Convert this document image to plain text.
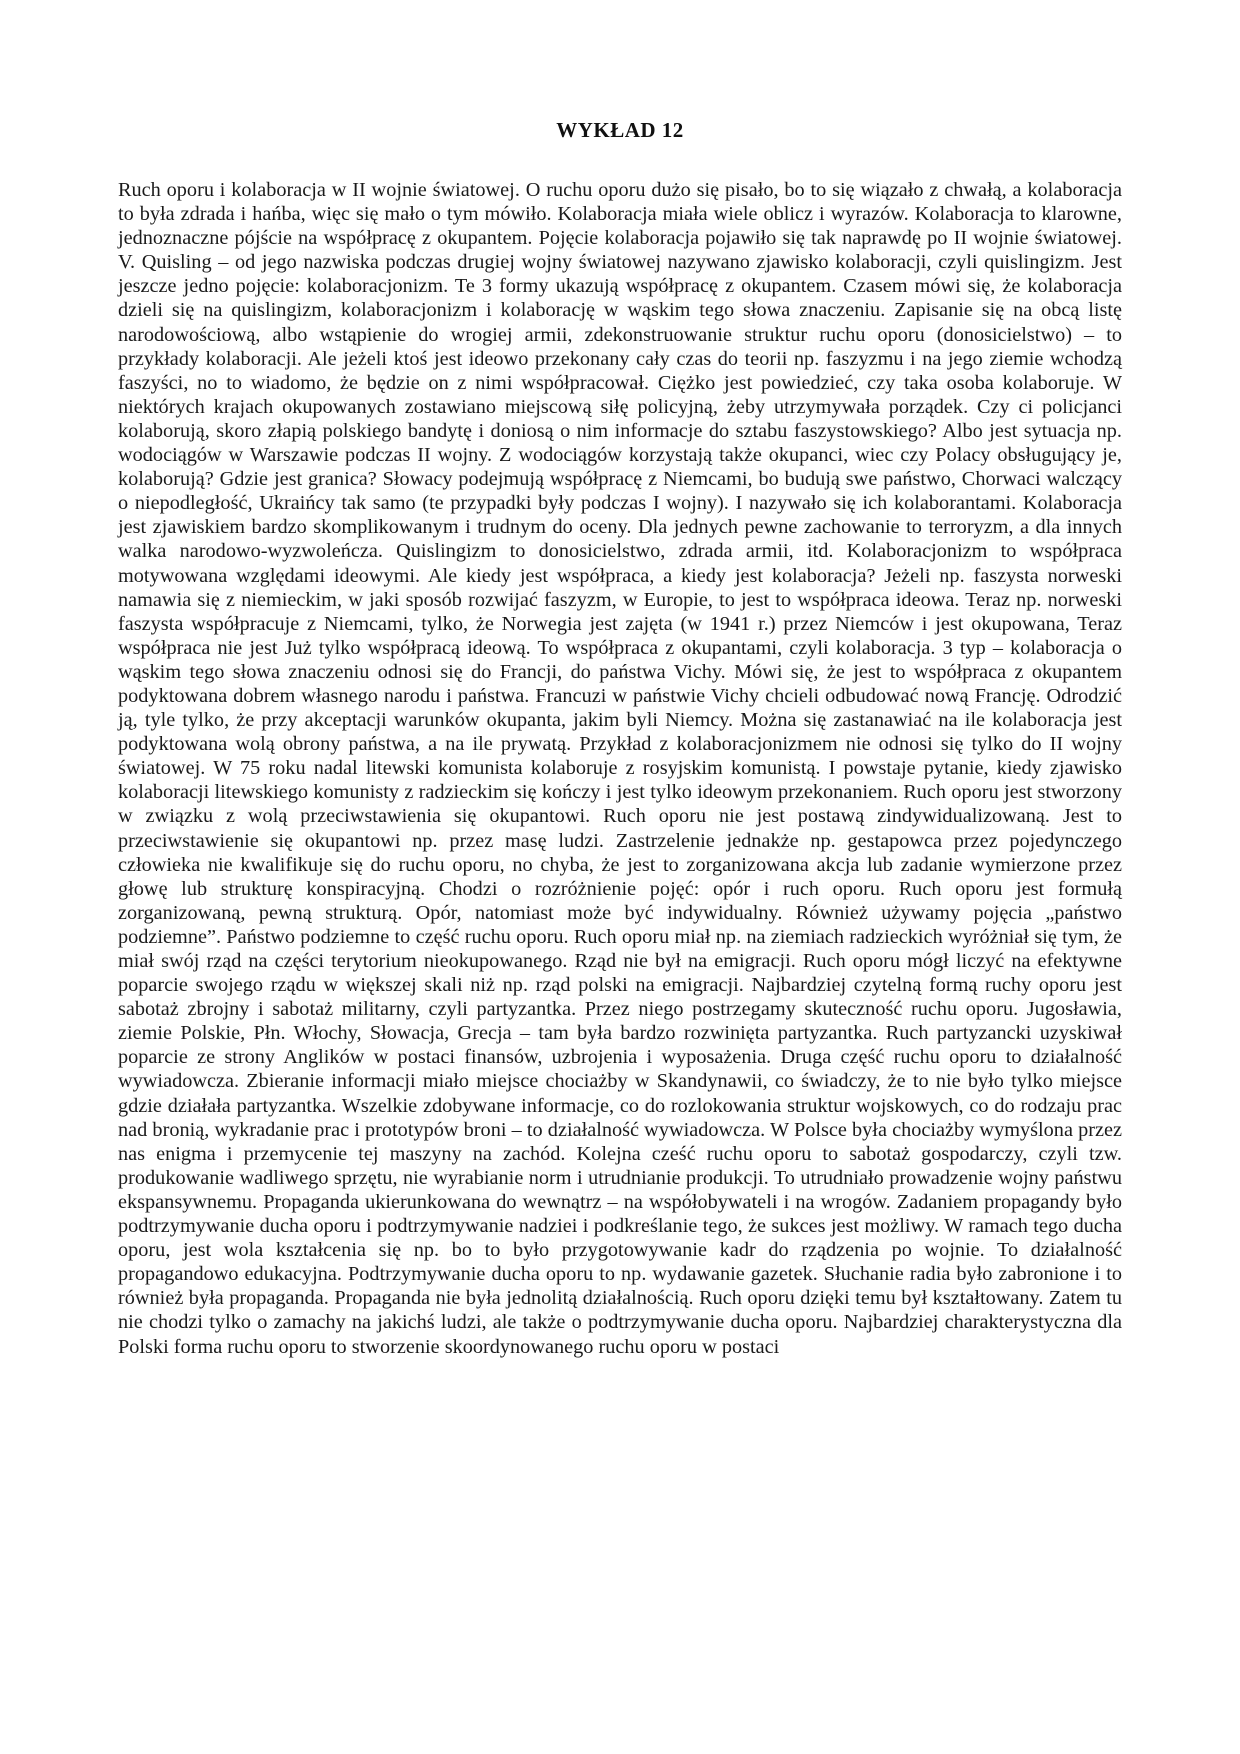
WYKŁAD 12

Ruch oporu i kolaboracja w II wojnie światowej. O ruchu oporu dużo się pisało, bo to się wiązało z chwałą, a kolaboracja to była zdrada i hańba, więc się mało o tym mówiło. Kolaboracja miała wiele oblicz i wyrazów. Kolaboracja to klarowne, jednoznaczne pójście na współpracę z okupantem. Pojęcie kolaboracja pojawiło się tak naprawdę po II wojnie światowej. V. Quisling – od jego nazwiska podczas drugiej wojny światowej nazywano zjawisko kolaboracji, czyli quislingizm. Jest jeszcze jedno pojęcie: kolaboracjonizm. Te 3 formy ukazują współpracę z okupantem. Czasem mówi się, że kolaboracja dzieli się na quislingizm, kolaboracjonizm i kolaborację w wąskim tego słowa znaczeniu. Zapisanie się na obcą listę narodowościową, albo wstąpienie do wrogiej armii, zdekonstruowanie struktur ruchu oporu (donosicielstwo) – to przykłady kolaboracji. Ale jeżeli ktoś jest ideowo przekonany cały czas do teorii np. faszyzmu i na jego ziemie wchodzą faszyści, no to wiadomo, że będzie on z nimi współpracował. Ciężko jest powiedzieć, czy taka osoba kolaboruje. W niektórych krajach okupowanych zostawiano miejscową siłę policyjną, żeby utrzymywała porządek. Czy ci policjanci kolaborują, skoro złapią polskiego bandytę i doniosą o nim informacje do sztabu faszystowskiego? Albo jest sytuacja np. wodociągów w Warszawie podczas II wojny. Z wodociągów korzystają także okupanci, wiec czy Polacy obsługujący je, kolaborują? Gdzie jest granica? Słowacy podejmują współpracę z Niemcami, bo budują swe państwo, Chorwaci walczący o niepodległość, Ukraińcy tak samo (te przypadki były podczas I wojny). I nazywało się ich kolaborantami. Kolaboracja jest zjawiskiem bardzo skomplikowanym i trudnym do oceny. Dla jednych pewne zachowanie to terroryzm, a dla innych walka narodowo-wyzwoleńcza. Quislingizm to donosicielstwo, zdrada armii, itd. Kolaboracjonizm to współpraca motywowana względami ideowymi. Ale kiedy jest współpraca, a kiedy jest kolaboracja? Jeżeli np. faszysta norweski namawia się z niemieckim, w jaki sposób rozwijać faszyzm, w Europie, to jest to współpraca ideowa. Teraz np. norweski faszysta współpracuje z Niemcami, tylko, że Norwegia jest zajęta (w 1941 r.) przez Niemców i jest okupowana, Teraz współpraca nie jest Już tylko współpracą ideową. To współpraca z okupantami, czyli kolaboracja. 3 typ – kolaboracja o wąskim tego słowa znaczeniu odnosi się do Francji, do państwa Vichy. Mówi się, że jest to współpraca z okupantem podyktowana dobrem własnego narodu i państwa. Francuzi w państwie Vichy chcieli odbudować nową Francję. Odrodzić ją, tyle tylko, że przy akceptacji warunków okupanta, jakim byli Niemcy. Można się zastanawiać na ile kolaboracja jest podyktowana wolą obrony państwa, a na ile prywatą. Przykład z kolaboracjonizmem nie odnosi się tylko do II wojny światowej. W 75 roku nadal litewski komunista kolaboruje z rosyjskim komunistą. I powstaje pytanie, kiedy zjawisko kolaboracji litewskiego komunisty z radzieckim się kończy i jest tylko ideowym przekonaniem. Ruch oporu jest stworzony w związku z wolą przeciwstawienia się okupantowi. Ruch oporu nie jest postawą zindywidualizowaną. Jest to przeciwstawienie się okupantowi np. przez masę ludzi. Zastrzelenie jednakże np. gestapowca przez pojedynczego człowieka nie kwalifikuje się do ruchu oporu, no chyba, że jest to zorganizowana akcja lub zadanie wymierzone przez głowę lub strukturę konspiracyjną. Chodzi o rozróżnienie pojęć: opór i ruch oporu. Ruch oporu jest formułą zorganizowaną, pewną strukturą. Opór, natomiast może być indywidualny. Również używamy pojęcia „państwo podziemne”. Państwo podziemne to część ruchu oporu. Ruch oporu miał np. na ziemiach radzieckich wyróżniał się tym, że miał swój rząd na części terytorium nieokupowanego. Rząd nie był na emigracji. Ruch oporu mógł liczyć na efektywne poparcie swojego rządu w większej skali niż np. rząd polski na emigracji. Najbardziej czytelną formą ruchy oporu jest sabotaż zbrojny i sabotaż militarny, czyli partyzantka. Przez niego postrzegamy skuteczność ruchu oporu. Jugosławia, ziemie Polskie, Płn. Włochy, Słowacja, Grecja – tam była bardzo rozwinięta partyzantka. Ruch partyzancki uzyskiwał poparcie ze strony Anglików w postaci finansów, uzbrojenia i wyposażenia. Druga część ruchu oporu to działalność wywiadowcza. Zbieranie informacji miało miejsce chociażby w Skandynawii, co świadczy, że to nie było tylko miejsce gdzie działała partyzantka. Wszelkie zdobywane informacje, co do rozlokowania struktur wojskowych, co do rodzaju prac nad bronią, wykradanie prac i prototypów broni – to działalność wywiadowcza. W Polsce była chociażby wymyślona przez nas enigma i przemycenie tej maszyny na zachód. Kolejna cześć ruchu oporu to sabotaż gospodarczy, czyli tzw. produkowanie wadliwego sprzętu, nie wyrabianie norm i utrudnianie produkcji. To utrudniało prowadzenie wojny państwu ekspansywnemu. Propaganda ukierunkowana do wewnątrz – na współobywateli i na wrogów. Zadaniem propagandy było podtrzymywanie ducha oporu i podtrzymywanie nadziei i podkreślanie tego, że sukces jest możliwy. W ramach tego ducha oporu, jest wola kształcenia się np. bo to było przygotowywanie kadr do rządzenia po wojnie. To działalność propagandowo edukacyjna. Podtrzymywanie ducha oporu to np. wydawanie gazetek. Słuchanie radia było zabronione i to również była propaganda. Propaganda nie była jednolitą działalnością. Ruch oporu dzięki temu był kształtowany. Zatem tu nie chodzi tylko o zamachy na jakichś ludzi, ale także o podtrzymywanie ducha oporu. Najbardziej charakterystyczna dla Polski forma ruchu oporu to stworzenie skoordynowanego ruchu oporu w postaci
